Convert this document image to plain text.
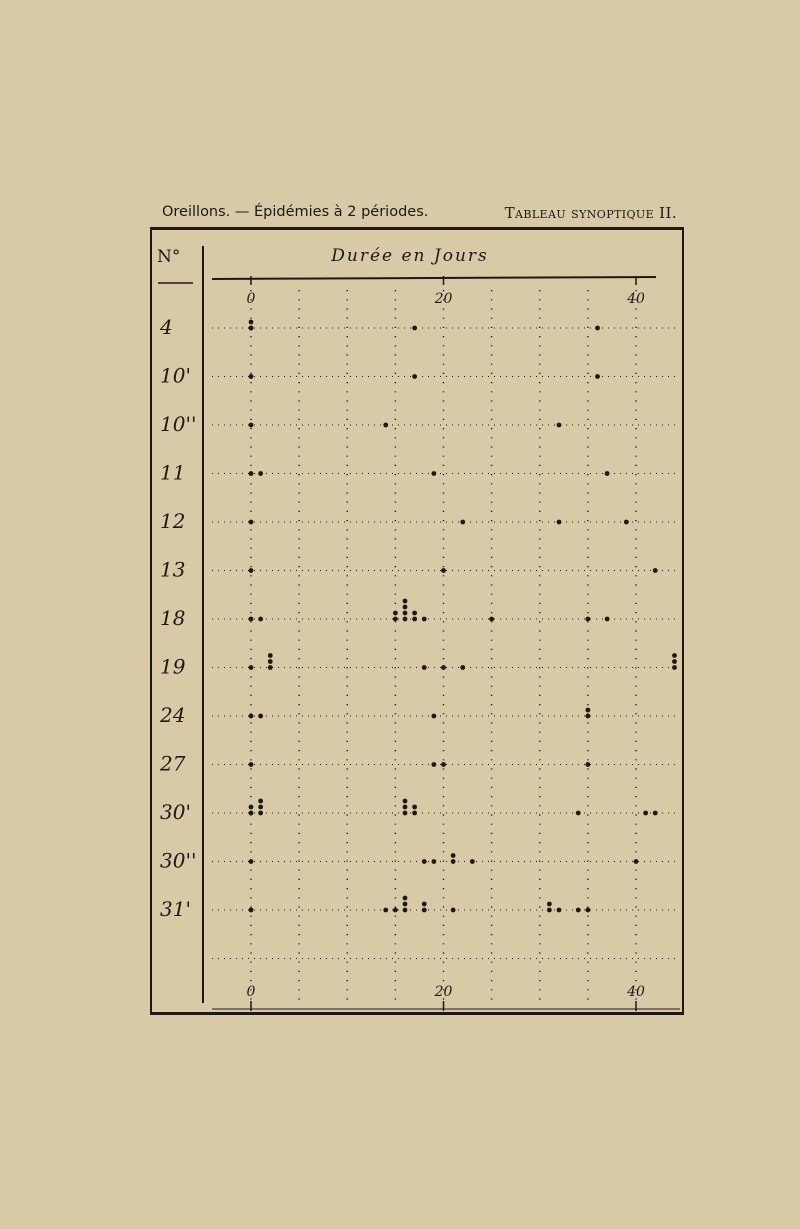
Oreillons. — Épidémies à 2 périodes.	Tableau synoptique II.
N°	Durée en Jours
0
0
20
20
40
40
4
10'
10''
11
12
13
18
19
24
27
30'
30''
31'
